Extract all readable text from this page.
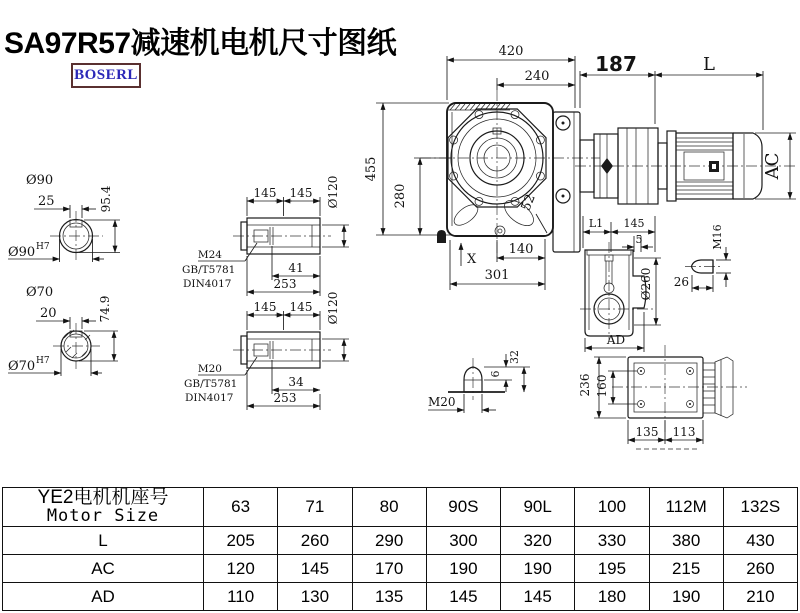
SA97R57减速机电机尺寸图纸
BOSERL
Ø90
25	95.4
Ø90 H7
Ø70
20	74.9
Ø70 H7
145 145 Ø120
M24
GB/T5781
DIN4017
41
253
145 145 Ø120
M20
GB/T5781
DIN4017
34
253
420
240
455
280	52
X
140
301
187	L
AC
L1 145
5
Ø260
AD
M16
26
M20
6
32
236 160
135 113
YE2电机机座号
Motor Size	63	71	80	90S	90L	100	112M	132S
L	205	260	290	300	320	330	380	430
AC	120	145	170	190	190	195	215	260
AD	110	130	135	145	145	180	190	210
